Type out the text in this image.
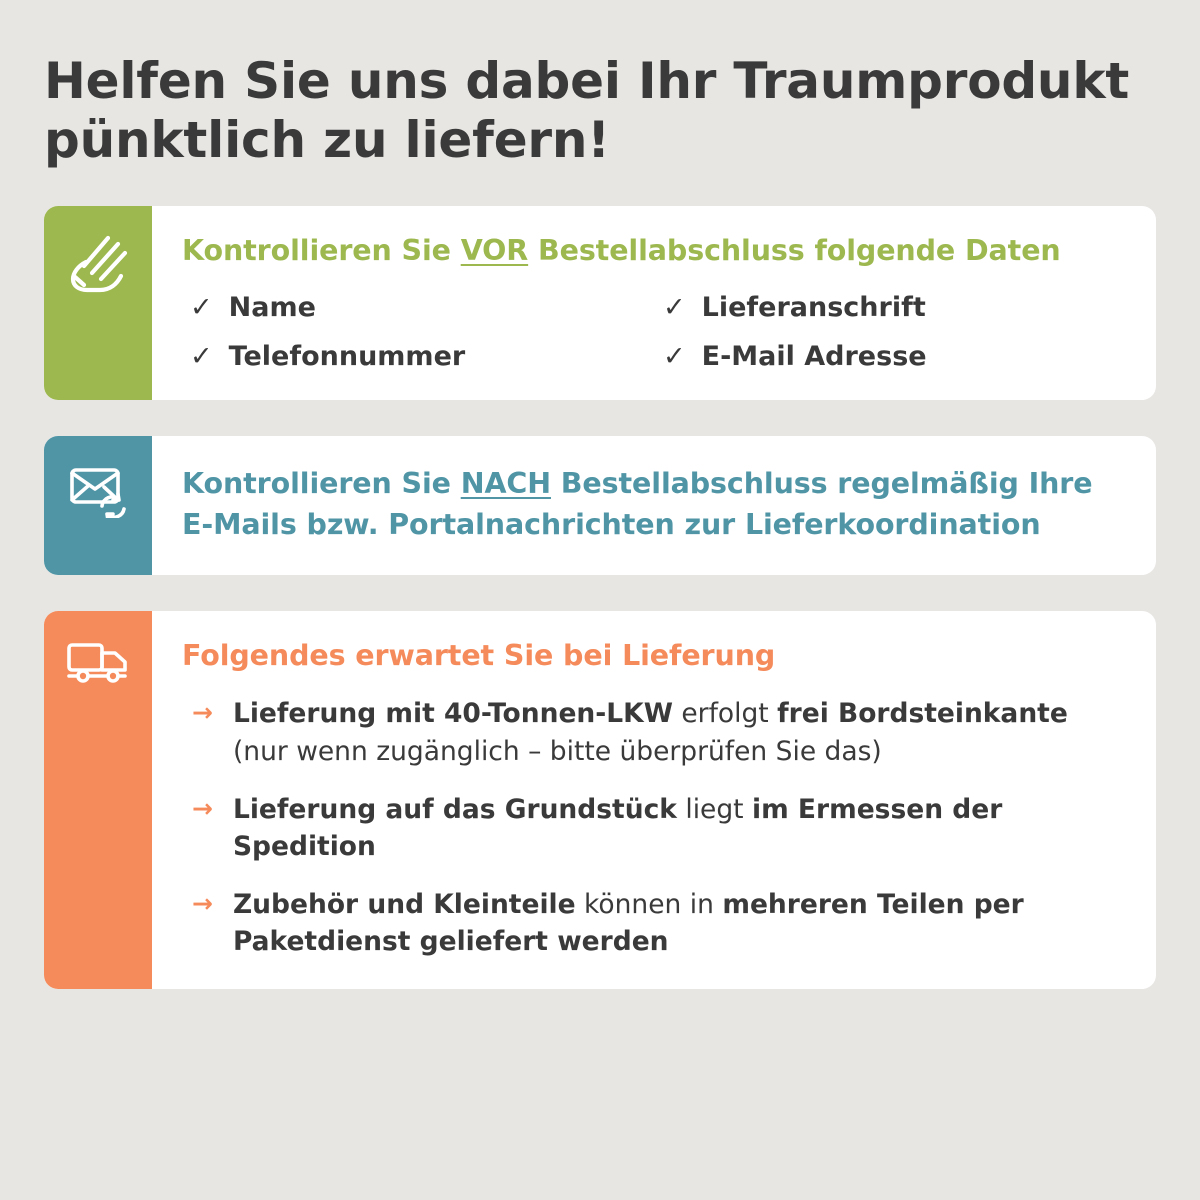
Helfen Sie uns dabei Ihr Traumprodukt pünktlich zu liefern!
Kontrollieren Sie VOR Bestellabschluss folgende Daten
✓ Name	✓ Lieferanschrift
✓ Telefonnummer	✓ E-Mail Adresse
Kontrollieren Sie NACH Bestellabschluss regelmäßig Ihre E-Mails bzw. Portalnachrichten zur Lieferkoordination
Folgendes erwartet Sie bei Lieferung
→ Lieferung mit 40-Tonnen-LKW erfolgt frei Bordsteinkante (nur wenn zugänglich – bitte überprüfen Sie das)
→ Lieferung auf das Grundstück liegt im Ermessen der Spedition
→ Zubehör und Kleinteile können in mehreren Teilen per Paketdienst geliefert werden
